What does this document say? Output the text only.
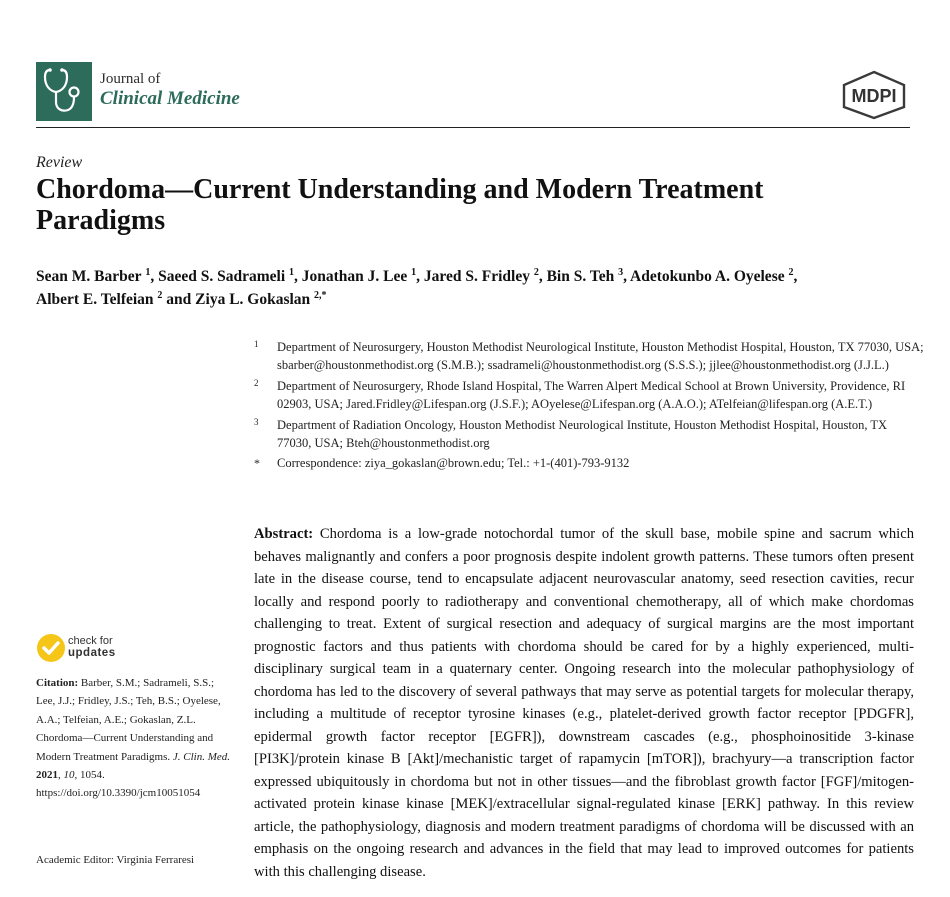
Journal of
Clinical Medicine	MDPI
Review
Chordoma—Current Understanding and Modern Treatment Paradigms
Sean M. Barber $^1$, Saeed S. Sadrameli $^1$, Jonathan J. Lee $^1$, Jared S. Fridley $^2$, Bin S. Teh $^3$, Adetokunbo A. Oyelese $^2$,
Albert E. Telfeian $^2$ and Ziya L. Gokaslan $^{2,*}$
1 Department of Neurosurgery, Houston Methodist Neurological Institute, Houston Methodist Hospital, Houston, TX 77030, USA; sbarber@houstonmethodist.org (S.M.B.); ssadrameli@houstonmethodist.org (S.S.S.); jjlee@houstonmethodist.org (J.J.L.)
2 Department of Neurosurgery, Rhode Island Hospital, The Warren Alpert Medical School at Brown University, Providence, RI 02903, USA; Jared.Fridley@Lifespan.org (J.S.F.); AOyelese@Lifespan.org (A.A.O.); ATelfeian@lifespan.org (A.E.T.)
3 Department of Radiation Oncology, Houston Methodist Neurological Institute, Houston Methodist Hospital, Houston, TX 77030, USA; Bteh@houstonmethodist.org
* Correspondence: ziya_gokaslan@brown.edu; Tel.: +1-(401)-793-9132
Abstract: Chordoma is a low-grade notochordal tumor of the skull base, mobile spine and sacrum which behaves malignantly and confers a poor prognosis despite indolent growth patterns. These tumors often present late in the disease course, tend to encapsulate adjacent neurovascular anatomy, seed resection cavities, recur locally and respond poorly to radiotherapy and conventional chemotherapy, all of which make chordomas challenging to treat. Extent of surgical resection and adequacy of surgical margins are the most important prognostic factors and thus patients with chordoma should be cared for by a highly experienced, multi-disciplinary surgical team in a quaternary center. Ongoing research into the molecular pathophysiology of chordoma has led to the discovery of several pathways that may serve as potential targets for molecular therapy, including a multitude of receptor tyrosine kinases (e.g., platelet-derived growth factor receptor [PDGFR], epidermal growth factor receptor [EGFR]), downstream cascades (e.g., phosphoinositide 3-kinase [PI3K]/protein kinase B [Akt]/mechanistic target of rapamycin [mTOR]), brachyury—a transcription factor expressed ubiquitously in chordoma but not in other tissues—and the fibroblast growth factor [FGF]/mitogen-activated protein kinase kinase [MEK]/extracellular signal-regulated kinase [ERK] pathway. In this review article, the pathophysiology, diagnosis and modern treatment paradigms of chordoma will be discussed with an emphasis on the ongoing research and advances in the field that may lead to improved outcomes for patients with this challenging disease.
check for
updates
Citation: Barber, S.M.; Sadrameli, S.S.; Lee, J.J.; Fridley, J.S.; Teh, B.S.; Oyelese, A.A.; Telfeian, A.E.; Gokaslan, Z.L. Chordoma—Current Understanding and Modern Treatment Paradigms. J. Clin. Med. 2021, 10, 1054. https://doi.org/10.3390/jcm10051054
Academic Editor: Virginia Ferraresi
